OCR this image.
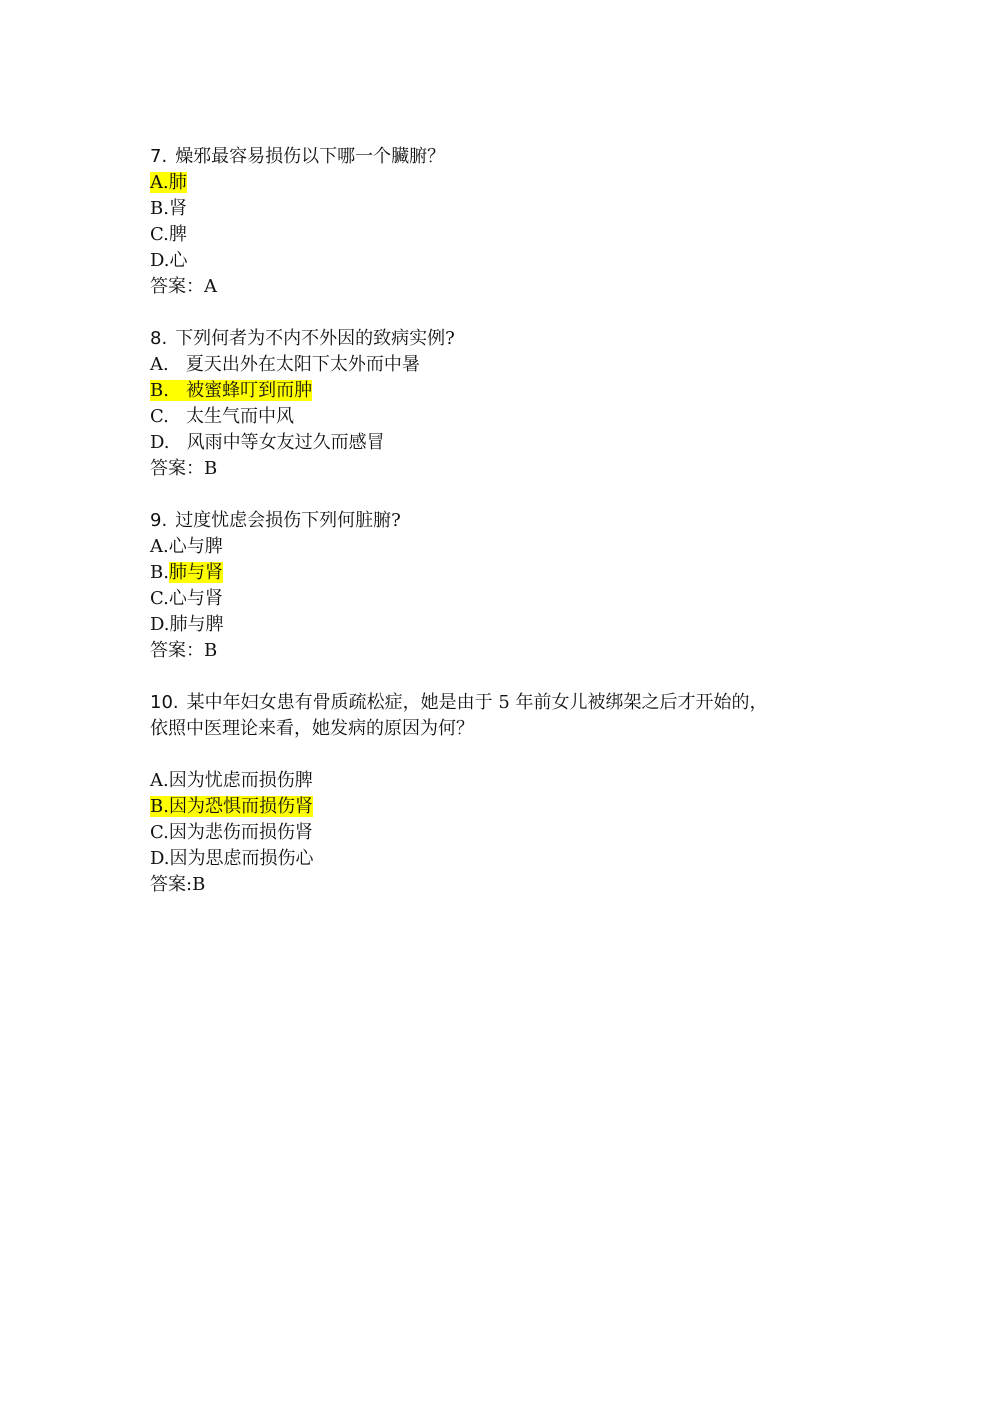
7. 燥邪最容易损伤以下哪一个臟腑？
A.肺
B.肾
C.脾
D.心
答案：A
8. 下列何者为不内不外因的致病实例?
A. 夏天出外在太阳下太外而中暑
B. 被蜜蜂叮到而肿
C. 太生气而中风
D. 风雨中等女友过久而感冒
答案：B
9. 过度忧虑会损伤下列何脏腑?
A.心与脾
B.肺与肾
C.心与肾
D.肺与脾
答案：B
10. 某中年妇女患有骨质疏松症，她是由于 5 年前女儿被绑架之后才开始的，
依照中医理论来看，她发病的原因为何？
A.因为忧虑而损伤脾
B.因为恐惧而损伤肾
C.因为悲伤而损伤肾
D.因为思虑而损伤心
答案:B
